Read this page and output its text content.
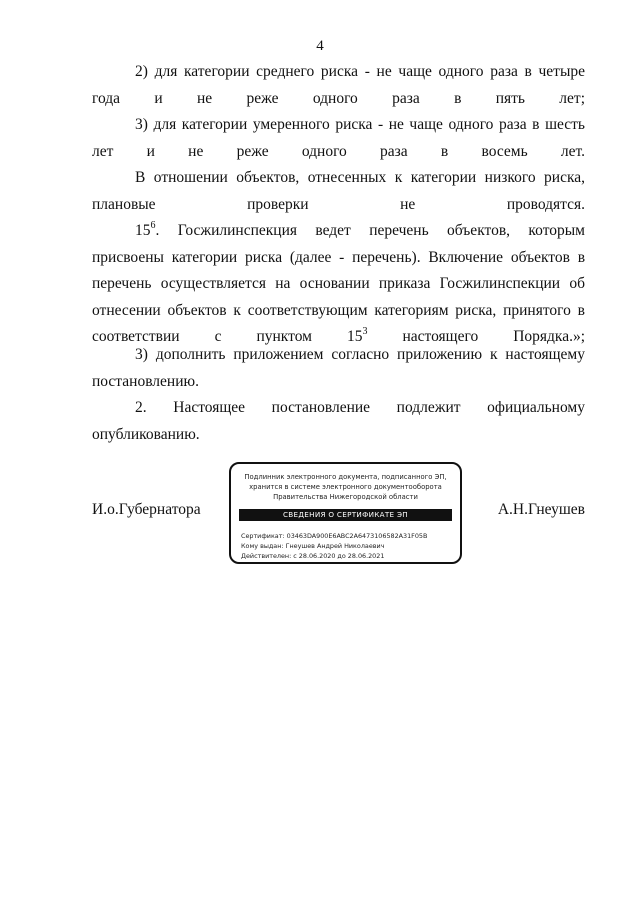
4

2) для категории среднего риска - не чаще одного раза в четыре года и не реже одного раза в пять лет;

3) для категории умеренного риска - не чаще одного раза в шесть лет и не реже одного раза в восемь лет.

В отношении объектов, отнесенных к категории низкого риска, плановые проверки не проводятся.

$15^6$. Госжилинспекция ведет перечень объектов, которым присвоены категории риска (далее - перечень). Включение объектов в перечень осуществляется на основании приказа Госжилинспекции об отнесении объектов к соответствующим категориям риска, принятого в соответствии с пунктом $15^3$ настоящего Порядка.»;

3) дополнить приложением согласно приложению к настоящему постановлению.

2. Настоящее постановление подлежит официальному опубликованию.

И.о.Губернатора	А.Н.Гнеушев
Подлинник электронного документа, подписанного ЭП,
хранится в системе электронного документооборота
Правительства Нижегородской области
СВЕДЕНИЯ О СЕРТИФИКАТЕ ЭП
Сертификат: 03463DA900E6ABC2A6473106582A31F05B
Кому выдан: Гнеушев Андрей Николаевич
Действителен: с 28.06.2020 до 28.06.2021
